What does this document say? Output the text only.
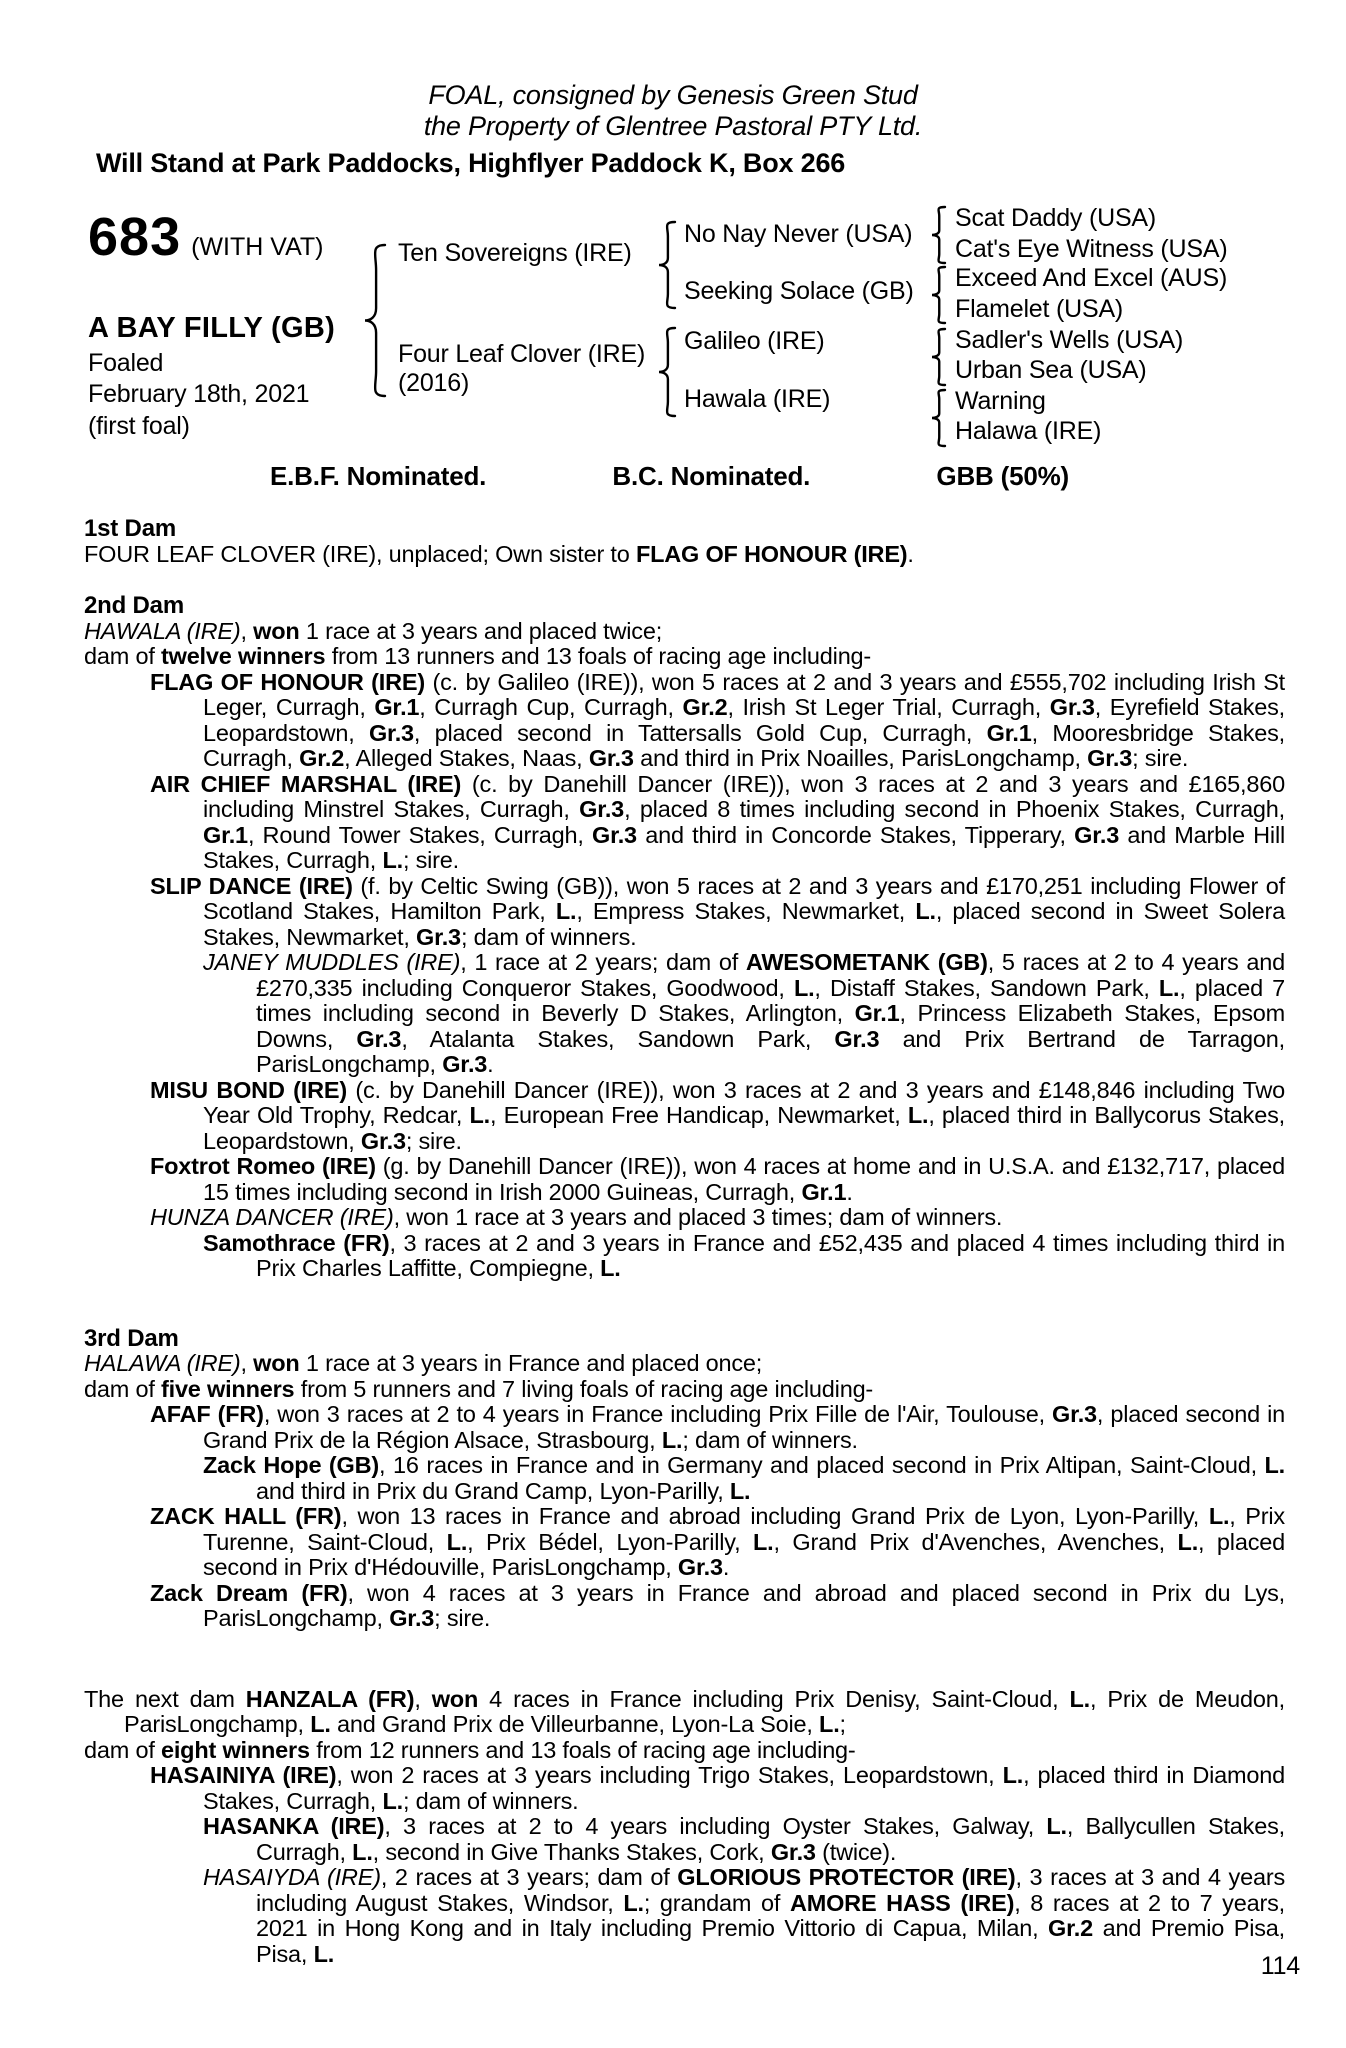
FOAL, consigned by Genesis Green Stud
the Property of Glentree Pastoral PTY Ltd.
Will Stand at Park Paddocks, Highflyer Paddock K, Box 266
683 (WITH VAT)
A BAY FILLY (GB)
Foaled
February 18th, 2021
(first foal)
Ten Sovereigns (IRE)
Four Leaf Clover (IRE)
(2016)
No Nay Never (USA)
Seeking Solace (GB)
Galileo (IRE)
Hawala (IRE)
Scat Daddy (USA)
Cat's Eye Witness (USA)
Exceed And Excel (AUS)
Flamelet (USA)
Sadler's Wells (USA)
Urban Sea (USA)
Warning
Halawa (IRE)
E.B.F. Nominated.	B.C. Nominated.	GBB (50%)
1st Dam

FOUR LEAF CLOVER (IRE), unplaced; Own sister to FLAG OF HONOUR (IRE).

2nd Dam

HAWALA (IRE), won 1 race at 3 years and placed twice;

dam of twelve winners from 13 runners and 13 foals of racing age including-

FLAG OF HONOUR (IRE) (c. by Galileo (IRE)), won 5 races at 2 and 3 years and £555,702 including Irish St Leger, Curragh, Gr.1, Curragh Cup, Curragh, Gr.2, Irish St Leger Trial, Curragh, Gr.3, Eyrefield Stakes, Leopardstown, Gr.3, placed second in Tattersalls Gold Cup, Curragh, Gr.1, Mooresbridge Stakes, Curragh, Gr.2, Alleged Stakes, Naas, Gr.3 and third in Prix Noailles, ParisLongchamp, Gr.3; sire.

AIR CHIEF MARSHAL (IRE) (c. by Danehill Dancer (IRE)), won 3 races at 2 and 3 years and £165,860 including Minstrel Stakes, Curragh, Gr.3, placed 8 times including second in Phoenix Stakes, Curragh, Gr.1, Round Tower Stakes, Curragh, Gr.3 and third in Concorde Stakes, Tipperary, Gr.3 and Marble Hill Stakes, Curragh, L.; sire.

SLIP DANCE (IRE) (f. by Celtic Swing (GB)), won 5 races at 2 and 3 years and £170,251 including Flower of Scotland Stakes, Hamilton Park, L., Empress Stakes, Newmarket, L., placed second in Sweet Solera Stakes, Newmarket, Gr.3; dam of winners.

JANEY MUDDLES (IRE), 1 race at 2 years; dam of AWESOMETANK (GB), 5 races at 2 to 4 years and £270,335 including Conqueror Stakes, Goodwood, L., Distaff Stakes, Sandown Park, L., placed 7 times including second in Beverly D Stakes, Arlington, Gr.1, Princess Elizabeth Stakes, Epsom Downs, Gr.3, Atalanta Stakes, Sandown Park, Gr.3 and Prix Bertrand de Tarragon, ParisLongchamp, Gr.3.

MISU BOND (IRE) (c. by Danehill Dancer (IRE)), won 3 races at 2 and 3 years and £148,846 including Two Year Old Trophy, Redcar, L., European Free Handicap, Newmarket, L., placed third in Ballycorus Stakes, Leopardstown, Gr.3; sire.

Foxtrot Romeo (IRE) (g. by Danehill Dancer (IRE)), won 4 races at home and in U.S.A. and £132,717, placed 15 times including second in Irish 2000 Guineas, Curragh, Gr.1.

HUNZA DANCER (IRE), won 1 race at 3 years and placed 3 times; dam of winners.

Samothrace (FR), 3 races at 2 and 3 years in France and £52,435 and placed 4 times including third in Prix Charles Laffitte, Compiegne, L.

3rd Dam

HALAWA (IRE), won 1 race at 3 years in France and placed once;

dam of five winners from 5 runners and 7 living foals of racing age including-

AFAF (FR), won 3 races at 2 to 4 years in France including Prix Fille de l'Air, Toulouse, Gr.3, placed second in Grand Prix de la Région Alsace, Strasbourg, L.; dam of winners.

Zack Hope (GB), 16 races in France and in Germany and placed second in Prix Altipan, Saint-Cloud, L. and third in Prix du Grand Camp, Lyon-Parilly, L.

ZACK HALL (FR), won 13 races in France and abroad including Grand Prix de Lyon, Lyon-Parilly, L., Prix Turenne, Saint-Cloud, L., Prix Bédel, Lyon-Parilly, L., Grand Prix d'Avenches, Avenches, L., placed second in Prix d'Hédouville, ParisLongchamp, Gr.3.

Zack Dream (FR), won 4 races at 3 years in France and abroad and placed second in Prix du Lys, ParisLongchamp, Gr.3; sire.

The next dam HANZALA (FR), won 4 races in France including Prix Denisy, Saint-Cloud, L., Prix de Meudon, ParisLongchamp, L. and Grand Prix de Villeurbanne, Lyon-La Soie, L.;

dam of eight winners from 12 runners and 13 foals of racing age including-

HASAINIYA (IRE), won 2 races at 3 years including Trigo Stakes, Leopardstown, L., placed third in Diamond Stakes, Curragh, L.; dam of winners.

HASANKA (IRE), 3 races at 2 to 4 years including Oyster Stakes, Galway, L., Ballycullen Stakes, Curragh, L., second in Give Thanks Stakes, Cork, Gr.3 (twice).

HASAIYDA (IRE), 2 races at 3 years; dam of GLORIOUS PROTECTOR (IRE), 3 races at 3 and 4 years including August Stakes, Windsor, L.; grandam of AMORE HASS (IRE), 8 races at 2 to 7 years, 2021 in Hong Kong and in Italy including Premio Vittorio di Capua, Milan, Gr.2 and Premio Pisa, Pisa, L.	114
